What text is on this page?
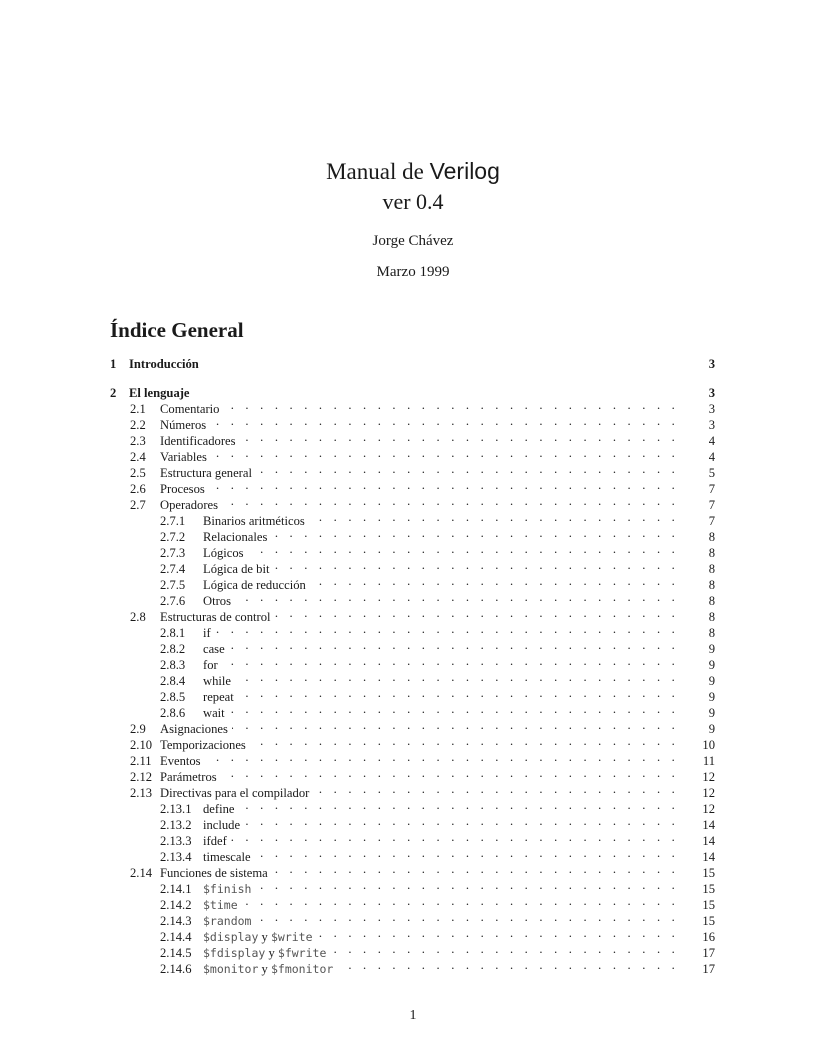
Manual de Verilog
ver 0.4
Jorge Chávez
Marzo 1999
Índice General
1	Introducción	3
2	El lenguaje	3
2.1	Comentario . . .	3
2.2	Números . . .	3
2.3	Identificadores . . .	4
2.4	Variables . . .	4
2.5	Estructura general . . .	5
2.6	Procesos . . .	7
2.7	Operadores . . .	7
2.7.1	Binarios aritméticos . . .	7
2.7.2	Relacionales . . .	8
2.7.3	Lógicos . . .	8
2.7.4	Lógica de bit . . .	8
2.7.5	Lógica de reducción . . .	8
2.7.6	Otros . . .	8
2.8	Estructuras de control . . .	8
2.8.1	if . . .	8
2.8.2	case . . .	9
2.8.3	for . . .	9
2.8.4	while . . .	9
2.8.5	repeat . . .	9
2.8.6	wait . . .	9
2.9	Asignaciones . . .	9
2.10 Temporizaciones . . .	10
2.11 Eventos . . .	11
2.12 Parámetros . . .	12
2.13 Directivas para el compilador . . .	12
2.13.1 define . . .	12
2.13.2 include . . .	14
2.13.3 ifdef . . .	14
2.13.4 timescale . . .	14
2.14 Funciones de sistema . . .	15
2.14.1	$finish . . .	15
2.14.2	$time . . .	15
2.14.3	$random . . .	15
2.14.4	$display y $write . . .	16
2.14.5	$fdisplay y $fwrite . . .	17
2.14.6	$monitor y $fmonitor . . .	17
1
